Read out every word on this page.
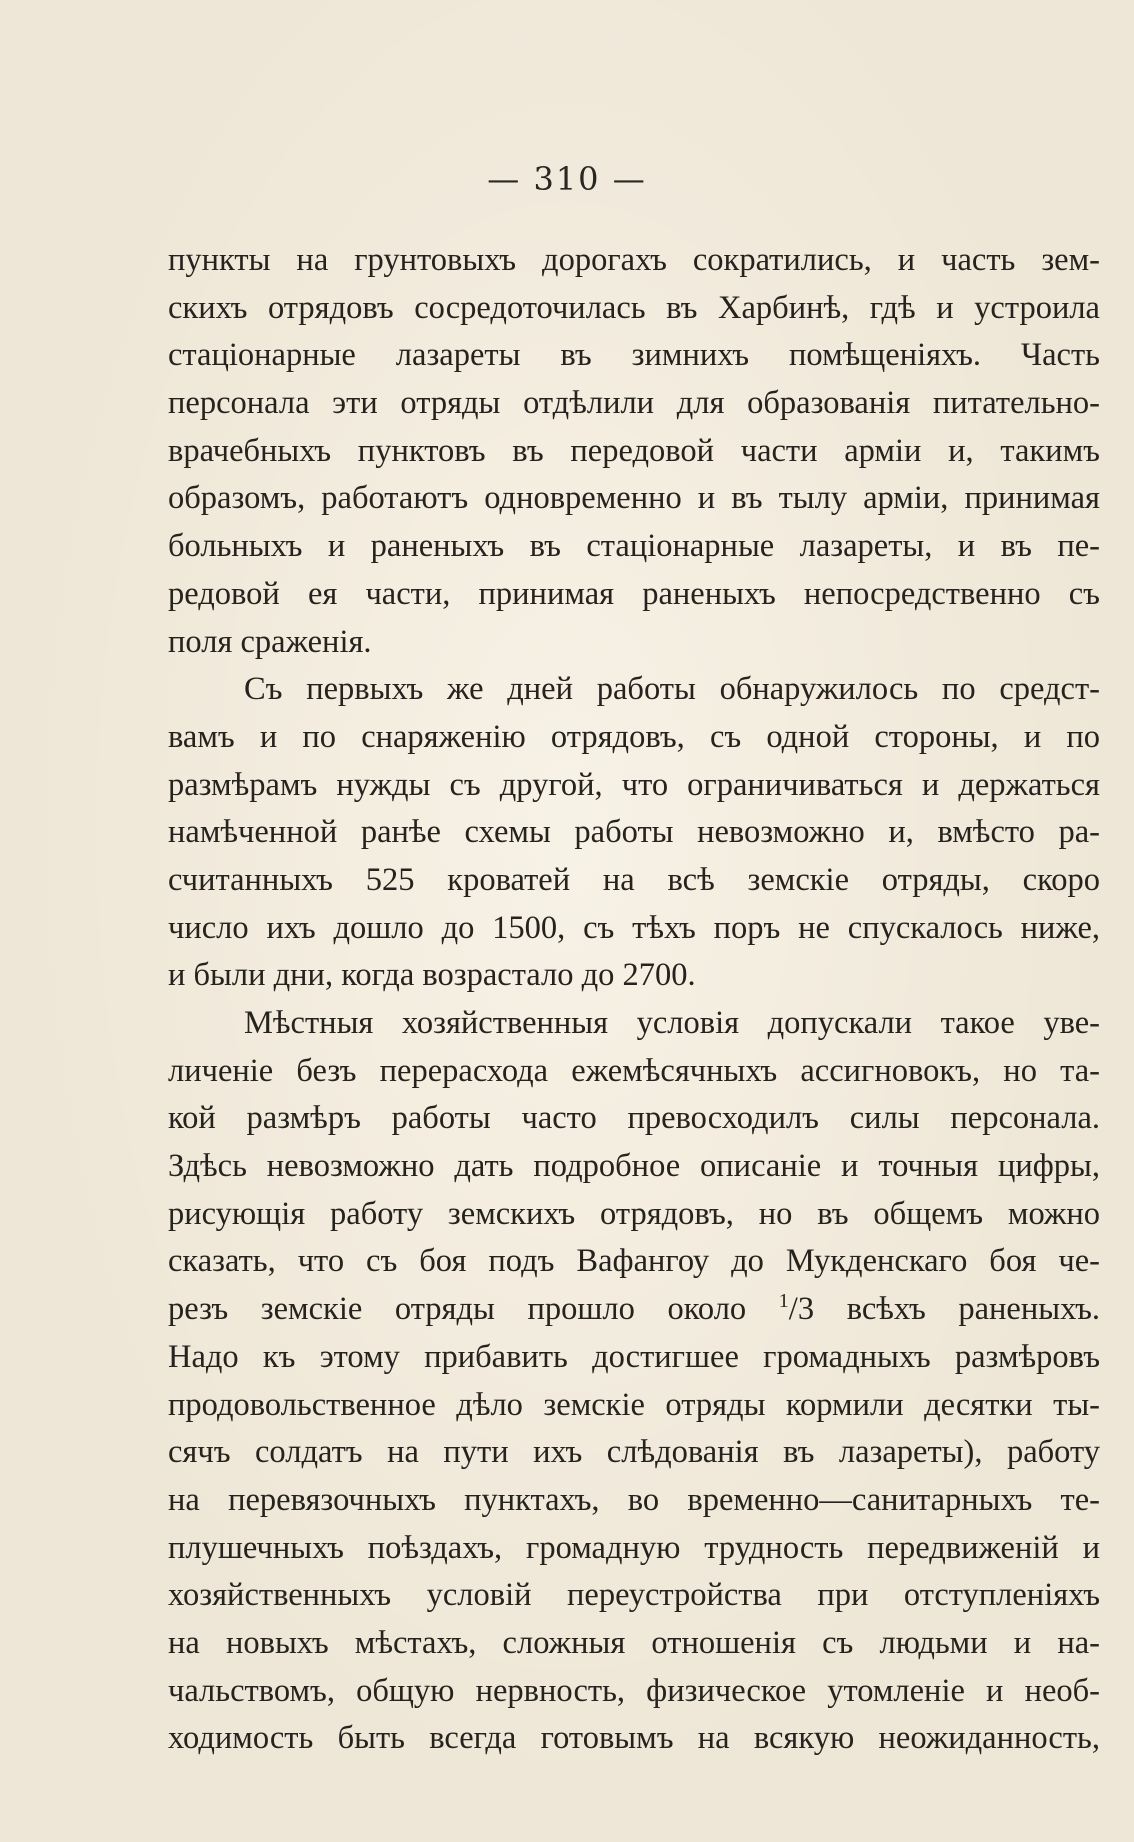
— 310 —
пункты на грунтовыхъ дорогахъ сократились, и часть зем-
скихъ отрядовъ сосредоточилась въ Харбинѣ, гдѣ и устроила
стаціонарные лазареты въ зимнихъ помѣщеніяхъ. Часть
персонала эти отряды отдѣлили для образованія питательно-
врачебныхъ пунктовъ въ передовой части арміи и, такимъ
образомъ, работаютъ одновременно и въ тылу арміи, принимая
больныхъ и раненыхъ въ стаціонарные лазареты, и въ пе-
редовой ея части, принимая раненыхъ непосредственно съ
поля сраженія.
Съ первыхъ же дней работы обнаружилось по средст-
вамъ и по снаряженію отрядовъ, съ одной стороны, и по
размѣрамъ нужды съ другой, что ограничиваться и держаться
намѣченной ранѣе схемы работы невозможно и, вмѣсто ра-
считанныхъ 525 кроватей на всѣ земскіе отряды, скоро
число ихъ дошло до 1500, съ тѣхъ поръ не спускалось ниже,
и были дни, когда возрастало до 2700.
Мѣстныя хозяйственныя условія допускали такое уве-
личеніе безъ перерасхода ежемѣсячныхъ ассигновокъ, но та-
кой размѣръ работы часто превосходилъ силы персонала.
Здѣсь невозможно дать подробное описаніе и точныя цифры,
рисующія работу земскихъ отрядовъ, но въ общемъ можно
сказать, что съ боя подъ Вафангоу до Мукденскаго боя че-
резъ земскіе отряды прошло около $^1$/3 всѣхъ раненыхъ.
Надо къ этому прибавить достигшее громадныхъ размѣровъ
продовольственное дѣло земскіе отряды кормили десятки ты-
сячъ солдатъ на пути ихъ слѣдованія въ лазареты), работу
на перевязочныхъ пунктахъ, во временно—санитарныхъ те-
плушечныхъ поѣздахъ, громадную трудность передвиженій и
хозяйственныхъ условій переустройства при отступленіяхъ
на новыхъ мѣстахъ, сложныя отношенія съ людьми и на-
чальствомъ, общую нервность, физическое утомленіе и необ-
ходимость быть всегда готовымъ на всякую неожиданность,
